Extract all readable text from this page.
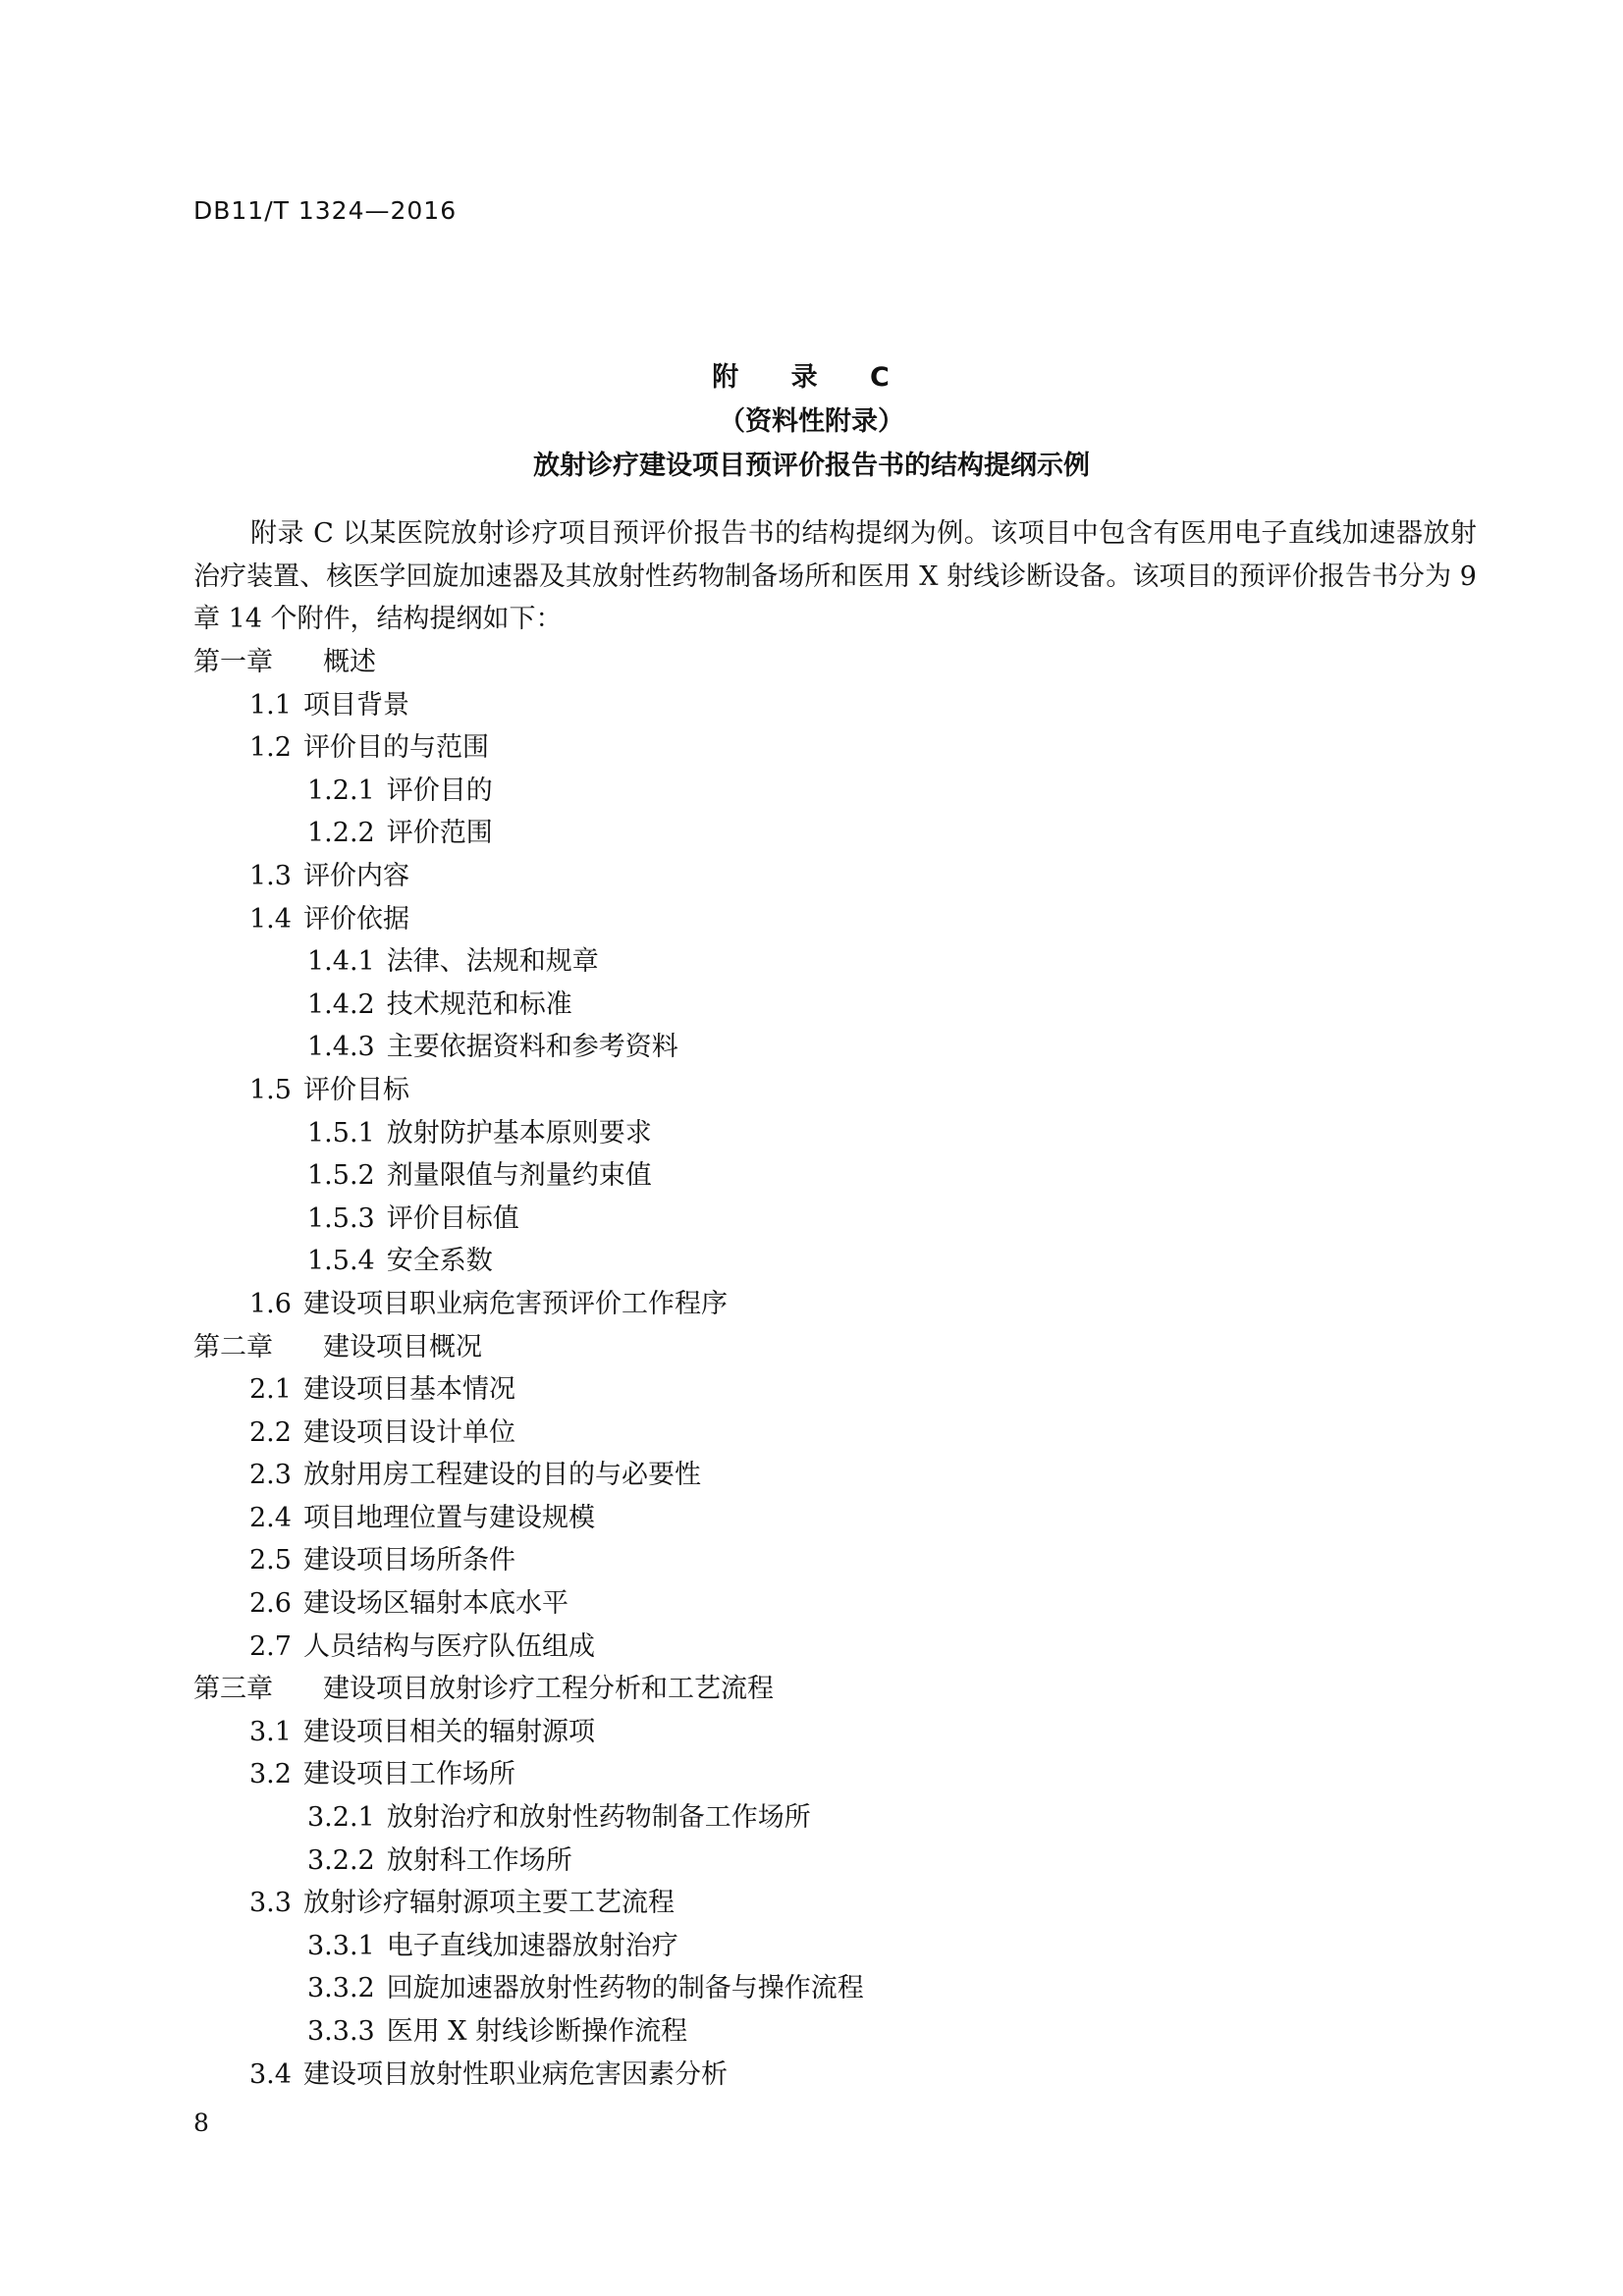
DB11/T 1324—2016
附 录 C
（资料性附录）
放射诊疗建设项目预评价报告书的结构提纲示例

附录 C 以某医院放射诊疗项目预评价报告书的结构提纲为例。该项目中包含有医用电子直线加速器放射治疗装置、核医学回旋加速器及其放射性药物制备场所和医用 X 射线诊断设备。该项目的预评价报告书分为 9 章 14 个附件，结构提纲如下：

第一章 概述
1.1 项目背景
1.2 评价目的与范围
1.2.1 评价目的
1.2.2 评价范围
1.3 评价内容
1.4 评价依据
1.4.1 法律、法规和规章
1.4.2 技术规范和标准
1.4.3 主要依据资料和参考资料
1.5 评价目标
1.5.1 放射防护基本原则要求
1.5.2 剂量限值与剂量约束值
1.5.3 评价目标值
1.5.4 安全系数
1.6 建设项目职业病危害预评价工作程序
第二章 建设项目概况
2.1 建设项目基本情况
2.2 建设项目设计单位
2.3 放射用房工程建设的目的与必要性
2.4 项目地理位置与建设规模
2.5 建设项目场所条件
2.6 建设场区辐射本底水平
2.7 人员结构与医疗队伍组成
第三章 建设项目放射诊疗工程分析和工艺流程
3.1 建设项目相关的辐射源项
3.2 建设项目工作场所
3.2.1 放射治疗和放射性药物制备工作场所
3.2.2 放射科工作场所
3.3 放射诊疗辐射源项主要工艺流程
3.3.1 电子直线加速器放射治疗
3.3.2 回旋加速器放射性药物的制备与操作流程
3.3.3 医用 X 射线诊断操作流程
3.4 建设项目放射性职业病危害因素分析
8
